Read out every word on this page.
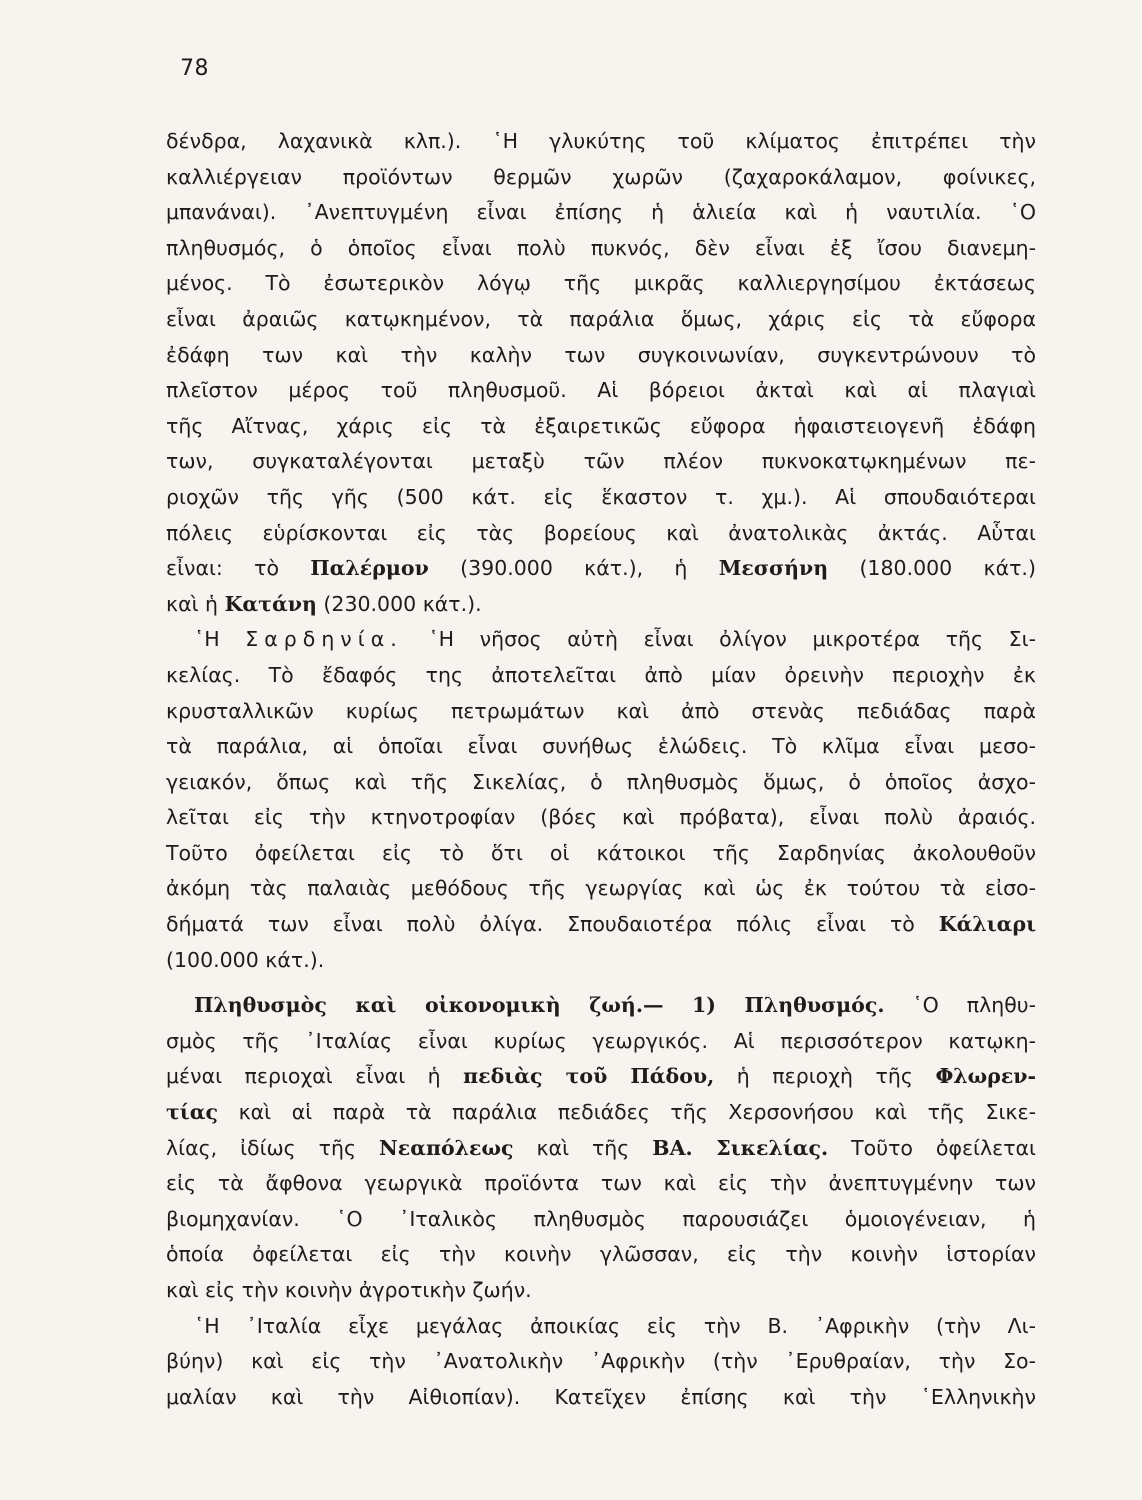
78
δένδρα, λαχανικὰ κλπ.). ῾Η γλυκύτης τοῦ κλίματος ἐπιτρέπει τὴν
καλλιέργειαν προϊόντων θερμῶν χωρῶν (ζαχαροκάλαμον, φοίνικες,
μπανάναι). ᾿Ανεπτυγμένη εἶναι ἐπίσης ἡ ἁλιεία καὶ ἡ ναυτιλία. ῾Ο
πληθυσμός, ὁ ὁποῖος εἶναι πολὺ πυκνός, δὲν εἶναι ἐξ ἴσου διανεμη-
μένος. Τὸ ἐσωτερικὸν λόγῳ τῆς μικρᾶς καλλιεργησίμου ἐκτάσεως
εἶναι ἀραιῶς κατῳκημένον, τὰ παράλια ὅμως, χάρις εἰς τὰ εὔφορα
ἐδάφη των καὶ τὴν καλὴν των συγκοινωνίαν, συγκεντρώνουν τὸ
πλεῖστον μέρος τοῦ πληθυσμοῦ. Αἱ βόρειοι ἀκταὶ καὶ αἱ πλαγιαὶ
τῆς Αἴτνας, χάρις εἰς τὰ ἐξαιρετικῶς εὔφορα ἡφαιστειογενῆ ἐδάφη
των, συγκαταλέγονται μεταξὺ τῶν πλέον πυκνοκατῳκημένων πε-
ριοχῶν τῆς γῆς (500 κάτ. εἰς ἕκαστον τ. χμ.). Αἱ σπουδαιότεραι
πόλεις εὑρίσκονται εἰς τὰς βορείους καὶ ἀνατολικὰς ἀκτάς. Αὗται
εἶναι: τὸ Παλέρμον (390.000 κάτ.), ἡ Μεσσήνη (180.000 κάτ.)
καὶ ἡ Κατάνη (230.000 κάτ.).
῾Η Σαρδηνία. ῾Η νῆσος αὐτὴ εἶναι ὀλίγον μικροτέρα τῆς Σι-
κελίας. Τὸ ἔδαφός της ἀποτελεῖται ἀπὸ μίαν ὀρεινὴν περιοχὴν ἐκ
κρυσταλλικῶν κυρίως πετρωμάτων καὶ ἀπὸ στενὰς πεδιάδας παρὰ
τὰ παράλια, αἱ ὁποῖαι εἶναι συνήθως ἑλώδεις. Τὸ κλῖμα εἶναι μεσο-
γειακόν, ὅπως καὶ τῆς Σικελίας, ὁ πληθυσμὸς ὅμως, ὁ ὁποῖος ἀσχο-
λεῖται εἰς τὴν κτηνοτροφίαν (βόες καὶ πρόβατα), εἶναι πολὺ ἀραιός.
Τοῦτο ὀφείλεται εἰς τὸ ὅτι οἱ κάτοικοι τῆς Σαρδηνίας ἀκολουθοῦν
ἀκόμη τὰς παλαιὰς μεθόδους τῆς γεωργίας καὶ ὡς ἐκ τούτου τὰ εἰσο-
δήματά των εἶναι πολὺ ὀλίγα. Σπουδαιοτέρα πόλις εἶναι τὸ Κάλιαρι
(100.000 κάτ.).
Πληθυσμὸς καὶ οἰκονομικὴ ζωή.— 1) Πληθυσμός. ῾Ο πληθυ-
σμὸς τῆς ᾿Ιταλίας εἶναι κυρίως γεωργικός. Αἱ περισσότερον κατῳκη-
μέναι περιοχαὶ εἶναι ἡ πεδιὰς τοῦ Πάδου, ἡ περιοχὴ τῆς Φλωρεν-
τίας καὶ αἱ παρὰ τὰ παράλια πεδιάδες τῆς Χερσονήσου καὶ τῆς Σικε-
λίας, ἰδίως τῆς Νεαπόλεως καὶ τῆς ΒΑ. Σικελίας. Τοῦτο ὀφείλεται
εἰς τὰ ἄφθονα γεωργικὰ προϊόντα των καὶ εἰς τὴν ἀνεπτυγμένην των
βιομηχανίαν. ῾Ο ᾿Ιταλικὸς πληθυσμὸς παρουσιάζει ὁμοιογένειαν, ἡ
ὁποία ὀφείλεται εἰς τὴν κοινὴν γλῶσσαν, εἰς τὴν κοινὴν ἱστορίαν
καὶ εἰς τὴν κοινὴν ἀγροτικὴν ζωήν.
῾Η ᾿Ιταλία εἶχε μεγάλας ἀποικίας εἰς τὴν Β. ᾿Αφρικὴν (τὴν Λι-
βύην) καὶ εἰς τὴν ᾿Ανατολικὴν ᾿Αφρικὴν (τὴν ᾿Ερυθραίαν, τὴν Σο-
μαλίαν καὶ τὴν Αἰθιοπίαν). Κατεῖχεν ἐπίσης καὶ τὴν ῾Ελληνικὴν
